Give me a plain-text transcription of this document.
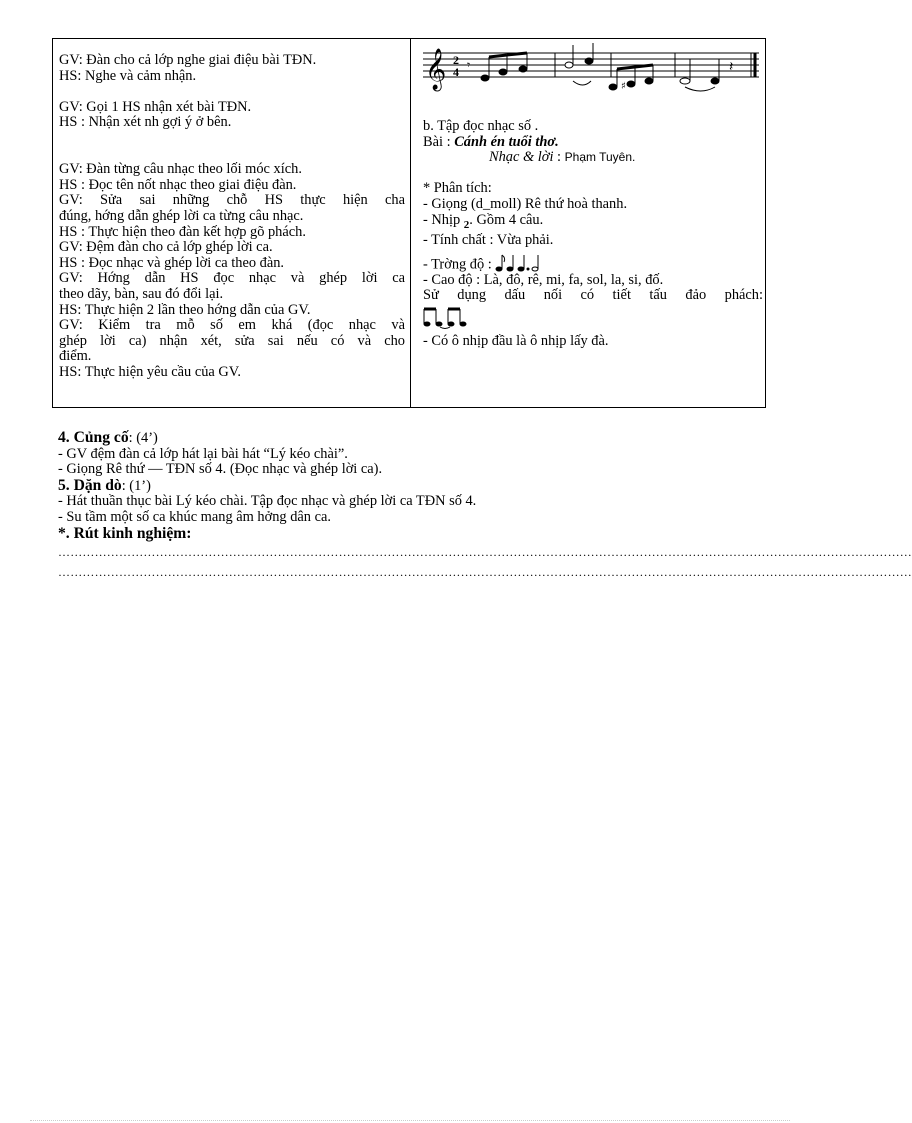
GV: Đàn cho cả lớp nghe giai điệu bài TĐN.
HS: Nghe và cảm nhận.
GV: Gọi 1 HS nhận xét bài TĐN.
HS : Nhận xét nh gợi ý ở bên.
GV: Đàn từng câu nhạc theo lối móc xích.
HS : Đọc tên nốt nhạc theo giai điệu đàn.
GV: Sửa sai những chỗ HS thực hiện cha
đúng, hớng dẫn ghép lời ca từng câu nhạc.
HS : Thực hiện theo đàn kết hợp gõ phách.
GV: Đệm đàn cho cả lớp ghép lời ca.
HS : Đọc nhạc và ghép lời ca theo đàn.
GV: Hớng dẫn HS đọc nhạc và ghép lời ca
theo dãy, bàn, sau đó đổi lại.
HS: Thực hiện 2 lần theo hớng dẫn của GV.
GV: Kiểm tra mỗ số em khá (đọc nhạc và
ghép lời ca) nhận xét, sửa sai nếu có và cho
điểm.
HS: Thực hiện yêu cầu của GV.
𝄞 2
4 𝄾
♯
𝄽
b. Tập đọc nhạc số .
Bài : Cánh én tuổi thơ.
Nhạc & lời : Phạm Tuyên.
* Phân tích:
- Giọng (d_moll) Rê thứ hoà thanh.
- Nhịp $_2$. Gồm 4 câu.
- Tính chất : Vừa phải.
- Trờng độ :
- Cao độ : Là, đô, rê, mi, fa, sol, la, si, đố.
Sử dụng dấu nối có tiết tấu đảo phách:
- Có ô nhịp đầu là ô nhịp lấy đà.
4. Củng cố: (4’)
- GV đệm đàn cả lớp hát lại bài hát “Lý kéo chài”.
- Giọng Rê thứ — TĐN số 4. (Đọc nhạc và ghép lời ca).
5. Dặn dò: (1’)
- Hát thuần thục bài Lý kéo chài. Tập đọc nhạc và ghép lời ca TĐN số 4.
- Su tầm một số ca khúc mang âm hởng dân ca.
*. Rút kinh nghiệm:
…………………………………………………………………………………………………………………………………………………………………………………………
…………………………………………………………………………………………………………………………………………………………………………………………
